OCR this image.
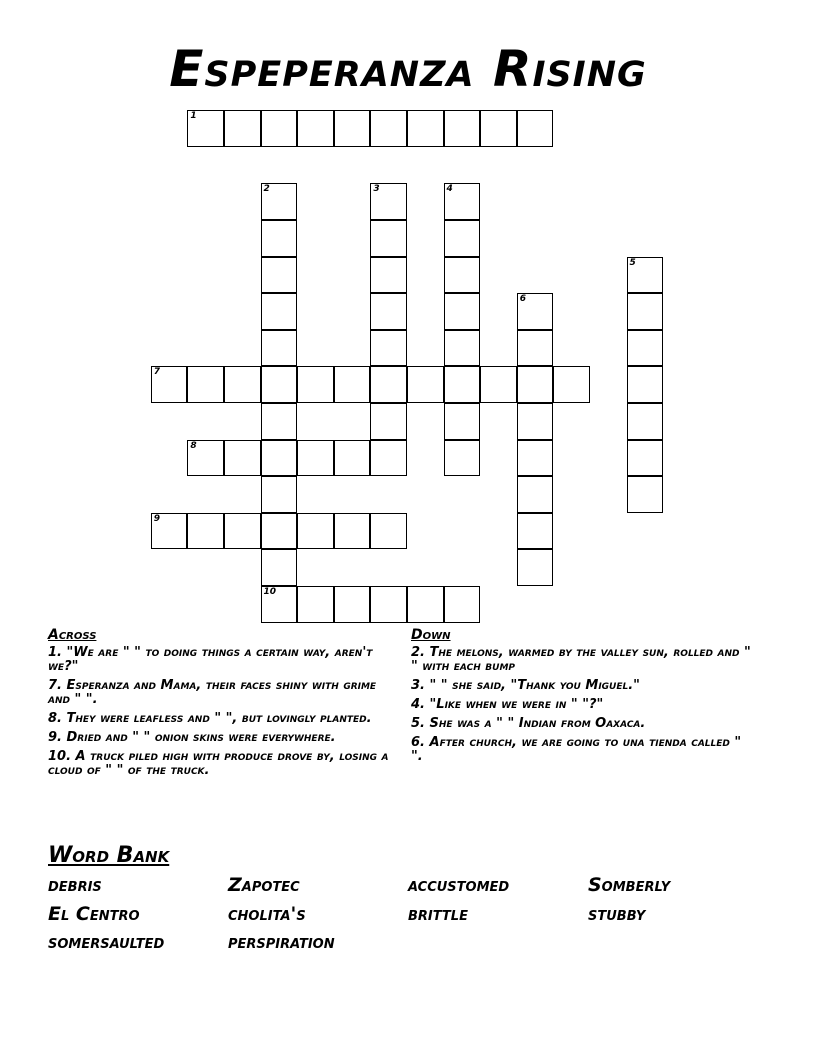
Espeperanza Rising
1
7
8
9
10
2	3	4
5
6
Across
1. "We are " " to doing things a certain way, aren't we?"
7. Esperanza and Mama, their faces shiny with grime and " ".
8. They were leafless and " ", but lovingly planted.
9. Dried and " " onion skins were everywhere.
10. A truck piled high with produce drove by, losing a cloud of " " of the truck.
Down
2. The melons, warmed by the valley sun, rolled and " " with each bump
3. " " she said, "Thank you Miguel."
4. "Like when we were in " "?"
5. She was a " " Indian from Oaxaca.
6. After church, we are going to una tienda called " ".
Word Bank
debris	Zapotec	accustomed	Somberly
El Centro	cholita's	brittle	stubby
somersaulted	perspiration
